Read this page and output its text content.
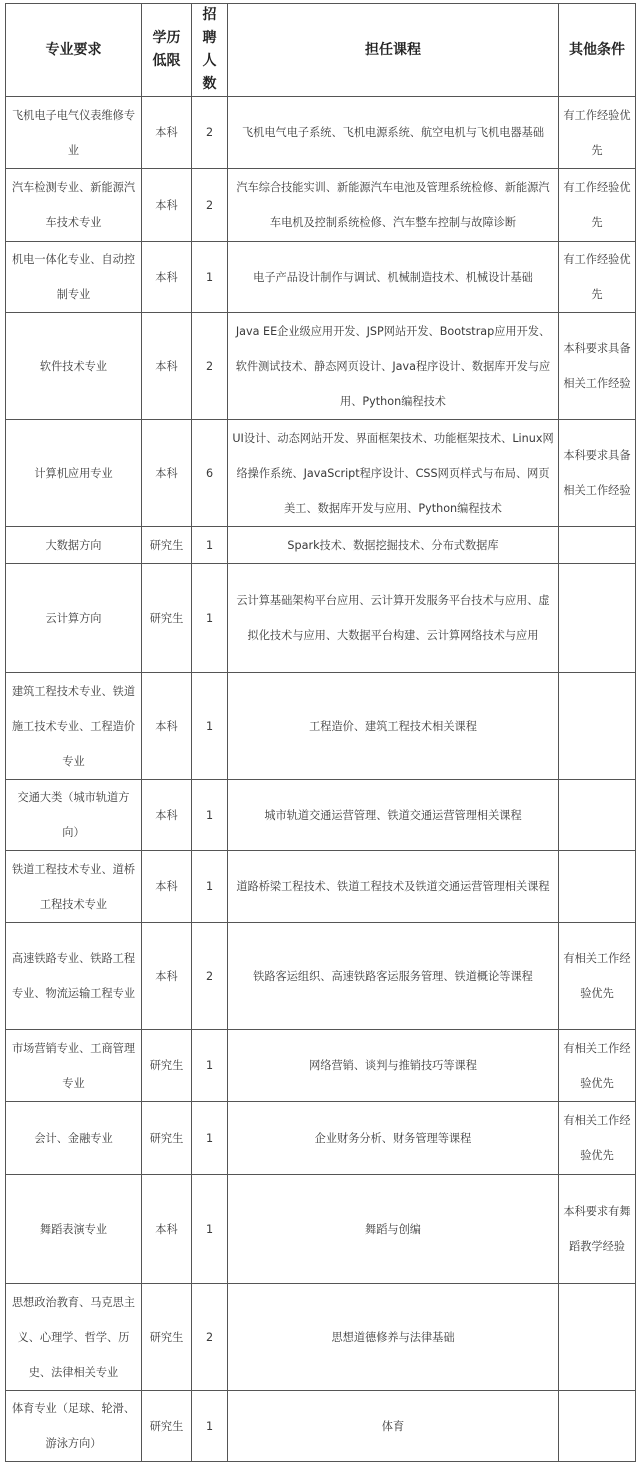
专业要求	学历低限	招聘人数	担任课程	其他条件
飞机电子电气仪表维修专业	本科	2	飞机电气电子系统、飞机电源系统、航空电机与飞机电器基础	有工作经验优先
汽车检测专业、新能源汽车技术专业	本科	2	汽车综合技能实训、新能源汽车电池及管理系统检修、新能源汽车电机及控制系统检修、汽车整车控制与故障诊断	有工作经验优先
机电一体化专业、自动控制专业	本科	1	电子产品设计制作与调试、机械制造技术、机械设计基础	有工作经验优先
软件技术专业	本科	2	Java EE企业级应用开发、JSP网站开发、Bootstrap应用开发、软件测试技术、静态网页设计、Java程序设计、数据库开发与应用、Python编程技术	本科要求具备相关工作经验
计算机应用专业	本科	6	UI设计、动态网站开发、界面框架技术、功能框架技术、Linux网络操作系统、JavaScript程序设计、CSS网页样式与布局、网页美工、数据库开发与应用、Python编程技术	本科要求具备相关工作经验
大数据方向	研究生	1	Spark技术、数据挖掘技术、分布式数据库	
云计算方向	研究生	1	云计算基础架构平台应用、云计算开发服务平台技术与应用、虚拟化技术与应用、大数据平台构建、云计算网络技术与应用	
建筑工程技术专业、铁道施工技术专业、工程造价专业	本科	1	工程造价、建筑工程技术相关课程	
交通大类（城市轨道方向）	本科	1	城市轨道交通运营管理、铁道交通运营管理相关课程	
铁道工程技术专业、道桥工程技术专业	本科	1	道路桥梁工程技术、铁道工程技术及铁道交通运营管理相关课程	
高速铁路专业、铁路工程专业、物流运输工程专业	本科	2	铁路客运组织、高速铁路客运服务管理、铁道概论等课程	有相关工作经验优先
市场营销专业、工商管理专业	研究生	1	网络营销、谈判与推销技巧等课程	有相关工作经验优先
会计、金融专业	研究生	1	企业财务分析、财务管理等课程	有相关工作经验优先
舞蹈表演专业	本科	1	舞蹈与创编	本科要求有舞蹈教学经验
思想政治教育、马克思主义、心理学、哲学、历史、法律相关专业	研究生	2	思想道德修养与法律基础	
体育专业（足球、轮滑、游泳方向）	研究生	1	体育	
